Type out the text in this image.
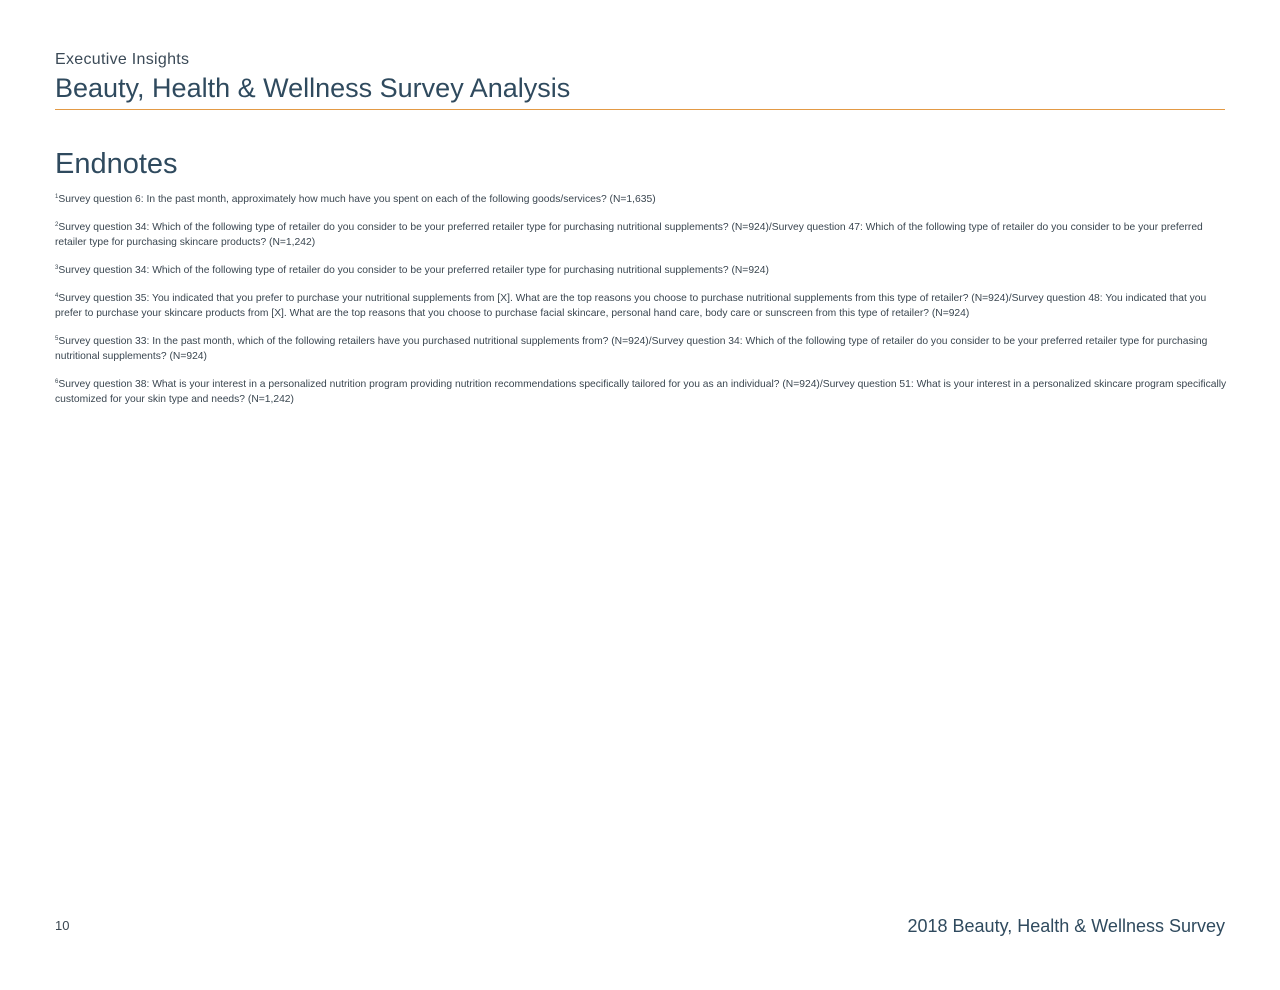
Executive Insights
Beauty, Health & Wellness Survey Analysis
Endnotes

$^1$Survey question 6: In the past month, approximately how much have you spent on each of the following goods/services? (N=1,635)

$^2$Survey question 34: Which of the following type of retailer do you consider to be your preferred retailer type for purchasing nutritional supplements? (N=924)/Survey question 47: Which of the following type of retailer do you consider to be your preferred retailer type for purchasing skincare products? (N=1,242)

$^3$Survey question 34: Which of the following type of retailer do you consider to be your preferred retailer type for purchasing nutritional supplements? (N=924)

$^4$Survey question 35: You indicated that you prefer to purchase your nutritional supplements from [X]. What are the top reasons you choose to purchase nutritional supplements from this type of retailer? (N=924)/Survey question 48: You indicated that you prefer to purchase your skincare products from [X]. What are the top reasons that you choose to purchase facial skincare, personal hand care, body care or sunscreen from this type of retailer? (N=924)

$^5$Survey question 33: In the past month, which of the following retailers have you purchased nutritional supplements from? (N=924)/Survey question 34: Which of the following type of retailer do you consider to be your preferred retailer type for purchasing nutritional supplements? (N=924)

$^6$Survey question 38: What is your interest in a personalized nutrition program providing nutrition recommendations specifically tailored for you as an individual? (N=924)/Survey question 51: What is your interest in a personalized skincare program specifically customized for your skin type and needs? (N=1,242)

10	2018 Beauty, Health & Wellness Survey
